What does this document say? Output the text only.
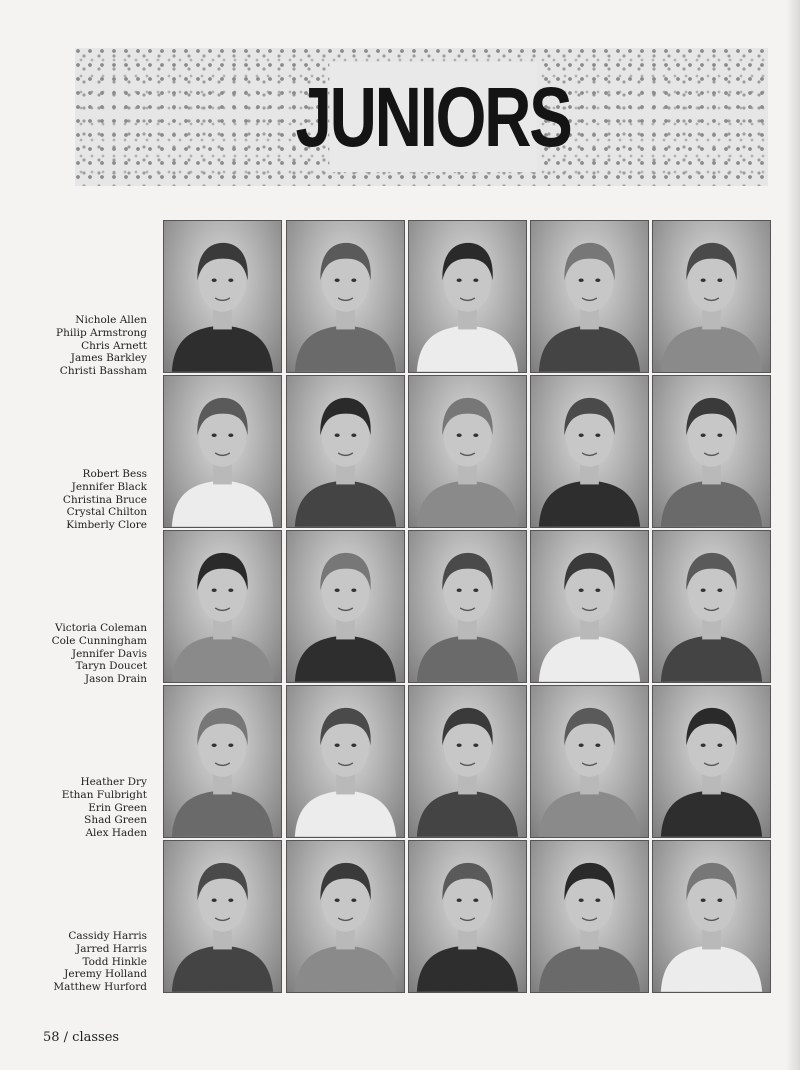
JUNIORS
Nichole Allen
Philip Armstrong
Chris Arnett
James Barkley
Christi Bassham
Robert Bess
Jennifer Black
Christina Bruce
Crystal Chilton
Kimberly Clore
Victoria Coleman
Cole Cunningham
Jennifer Davis
Taryn Doucet
Jason Drain
Heather Dry
Ethan Fulbright
Erin Green
Shad Green
Alex Haden
Cassidy Harris
Jarred Harris
Todd Hinkle
Jeremy Holland
Matthew Hurford
58 / classes
